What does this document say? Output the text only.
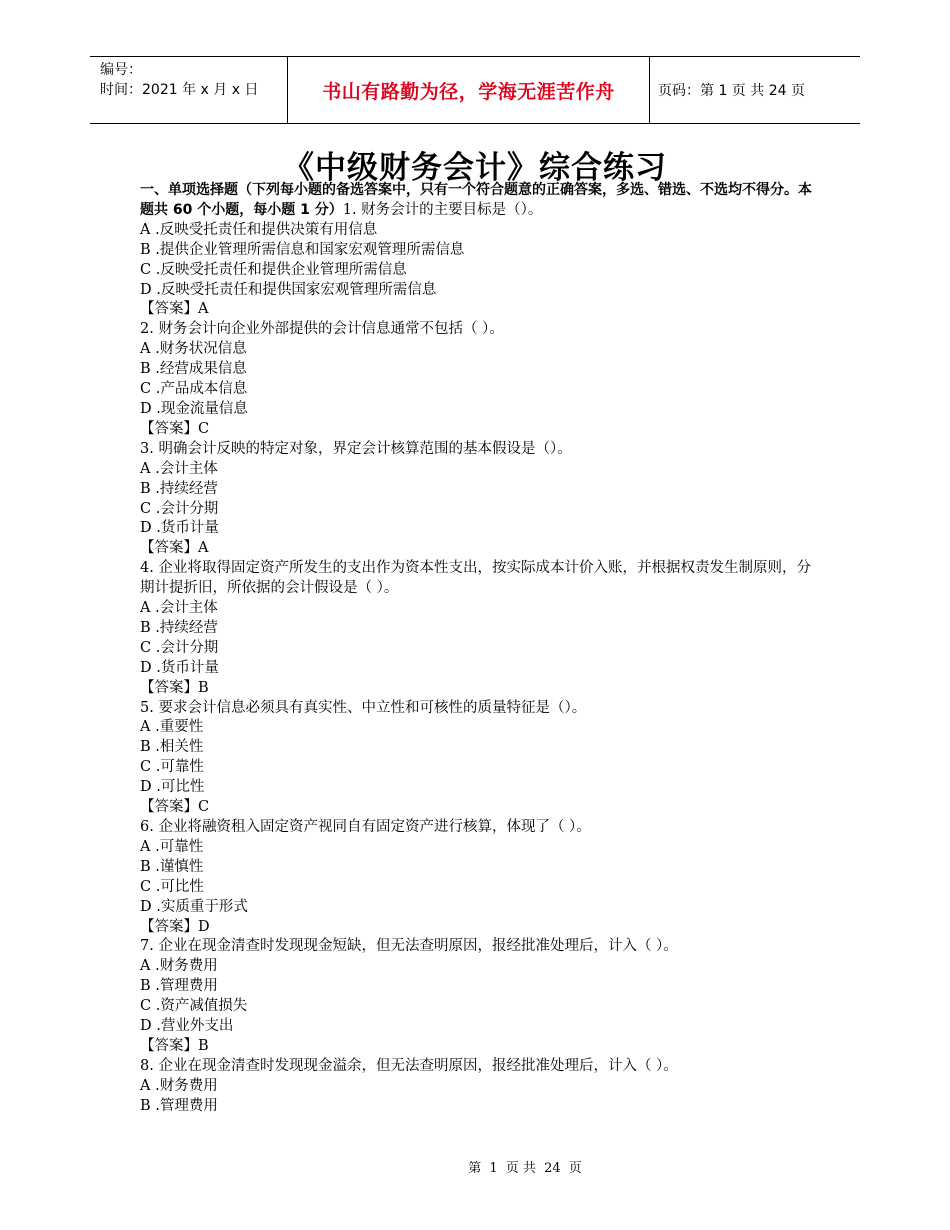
编号：
时间：2021 年 x 月 x 日	书山有路勤为径，学海无涯苦作舟	页码：第 1 页 共 24 页
《中级财务会计》综合练习

一、单项选择题（下列每小题的备选答案中，只有一个符合题意的正确答案，多选、错选、不选均不得分。本题共 60 个小题，每小题 1 分）1. 财务会计的主要目标是（）。

A .反映受托责任和提供决策有用信息

B .提供企业管理所需信息和国家宏观管理所需信息

C .反映受托责任和提供企业管理所需信息

D .反映受托责任和提供国家宏观管理所需信息

【答案】A

2. 财务会计向企业外部提供的会计信息通常不包括（ ）。

A .财务状况信息

B .经营成果信息

C .产品成本信息

D .现金流量信息

【答案】C

3. 明确会计反映的特定对象，界定会计核算范围的基本假设是（）。

A .会计主体

B .持续经营

C .会计分期

D .货币计量

【答案】A

4. 企业将取得固定资产所发生的支出作为资本性支出，按实际成本计价入账，并根据权责发生制原则，分期计提折旧，所依据的会计假设是（ ）。

A .会计主体

B .持续经营

C .会计分期

D .货币计量

【答案】B

5. 要求会计信息必须具有真实性、中立性和可核性的质量特征是（）。

A .重要性

B .相关性

C .可靠性

D .可比性

【答案】C

6. 企业将融资租入固定资产视同自有固定资产进行核算，体现了（ ）。

A .可靠性

B .谨慎性

C .可比性

D .实质重于形式

【答案】D

7. 企业在现金清查时发现现金短缺，但无法查明原因，报经批准处理后，计入（ ）。

A .财务费用

B .管理费用

C .资产减值损失

D .营业外支出

【答案】B

8. 企业在现金清查时发现现金溢余，但无法查明原因，报经批准处理后，计入（ ）。

A .财务费用

B .管理费用

第 1 页 共 24 页
